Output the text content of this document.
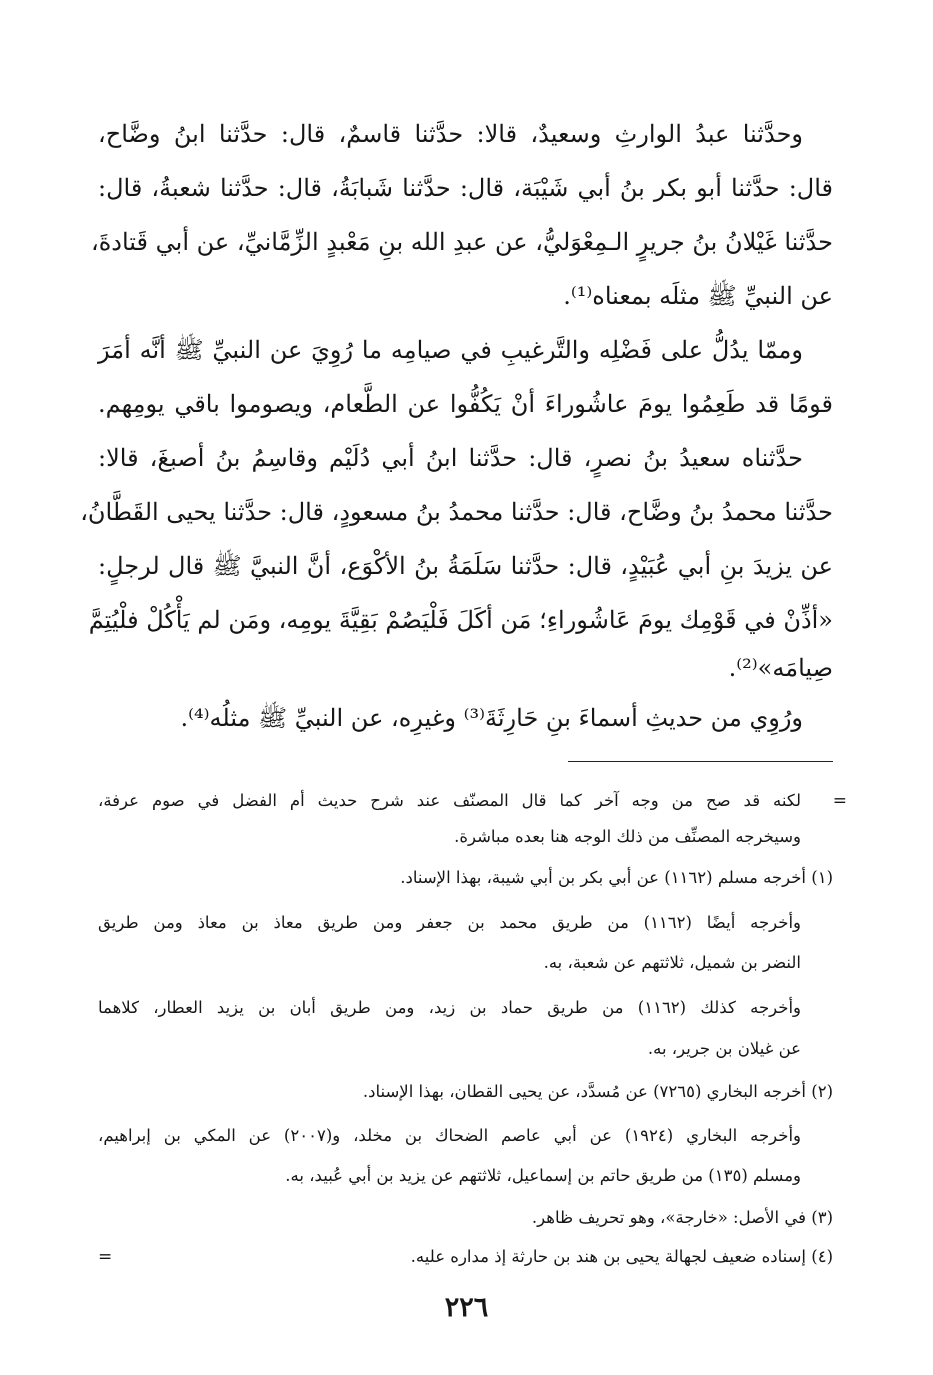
وحدَّثنا عبدُ الوارثِ وسعيدٌ، قالا: حدَّثنا قاسمٌ، قال: حدَّثنا ابنُ وضَّاح،
قال: حدَّثنا أبو بكر بنُ أبي شَيْبَة، قال: حدَّثنا شَبابَةُ، قال: حدَّثنا شعبةُ، قال:
حدَّثنا غَيْلانُ بنُ جريرٍ الـمِعْوَليُّ، عن عبدِ الله بنِ مَعْبدٍ الزِّمَّانيِّ، عن أبي قَتادةَ،
عن النبيِّ ﷺ مثلَه بمعناه⁽¹⁾.
وممّا يدُلُّ على فَضْلِه والتَّرغيبِ في صيامِه ما رُوِيَ عن النبيِّ ﷺ أنَّه أمَرَ
قومًا قد طَعِمُوا يومَ عاشُوراءَ أنْ يَكُفُّوا عن الطَّعام، ويصوموا باقي يومِهم.
حدَّثناه سعيدُ بنُ نصرٍ، قال: حدَّثنا ابنُ أبي دُلَيْم وقاسِمُ بنُ أصبغَ، قالا:
حدَّثنا محمدُ بنُ وضَّاح، قال: حدَّثنا محمدُ بنُ مسعودٍ، قال: حدَّثنا يحيى القَطَّانُ،
عن يزيدَ بنِ أبي عُبَيْدٍ، قال: حدَّثنا سَلَمَةُ بنُ الأكْوَع، أنَّ النبيَّ ﷺ قال لرجلٍ:
«أذِّنْ في قَوْمِك يومَ عَاشُوراءِ؛ مَن أكَلَ فَلْيَصُمْ بَقِيَّةَ يومِه، ومَن لم يَأْكُلْ فلْيُتِمَّ
صِيامَه»⁽²⁾.
ورُوِي من حديثِ أسماءَ بنِ حَارِثَةَ⁽³⁾ وغيرِه، عن النبيِّ ﷺ مثلُه⁽⁴⁾.
=
لكنه قد صح من وجه آخر كما قال المصنّف عند شرح حديث أم الفضل في صوم عرفة،
وسيخرجه المصنِّف من ذلك الوجه هنا بعده مباشرة.
(١) أخرجه مسلم (١١٦٢) عن أبي بكر بن أبي شيبة، بهذا الإسناد.
وأخرجه أيضًا (١١٦٢) من طريق محمد بن جعفر ومن طريق معاذ بن معاذ ومن طريق
النضر بن شميل، ثلاثتهم عن شعبة، به.
وأخرجه كذلك (١١٦٢) من طريق حماد بن زيد، ومن طريق أبان بن يزيد العطار، كلاهما
عن غيلان بن جرير، به.
(٢) أخرجه البخاري (٧٢٦٥) عن مُسدَّد، عن يحيى القطان، بهذا الإسناد.
وأخرجه البخاري (١٩٢٤) عن أبي عاصم الضحاك بن مخلد، و(٢٠٠٧) عن المكي بن إبراهيم،
ومسلم (١٣٥) من طريق حاتم بن إسماعيل، ثلاثتهم عن يزيد بن أبي عُبيد، به.
(٣) في الأصل: «خارجة»، وهو تحريف ظاهر.
(٤) إسناده ضعيف لجهالة يحيى بن هند بن حارثة إذ مداره عليه.
=
٢٢٦
